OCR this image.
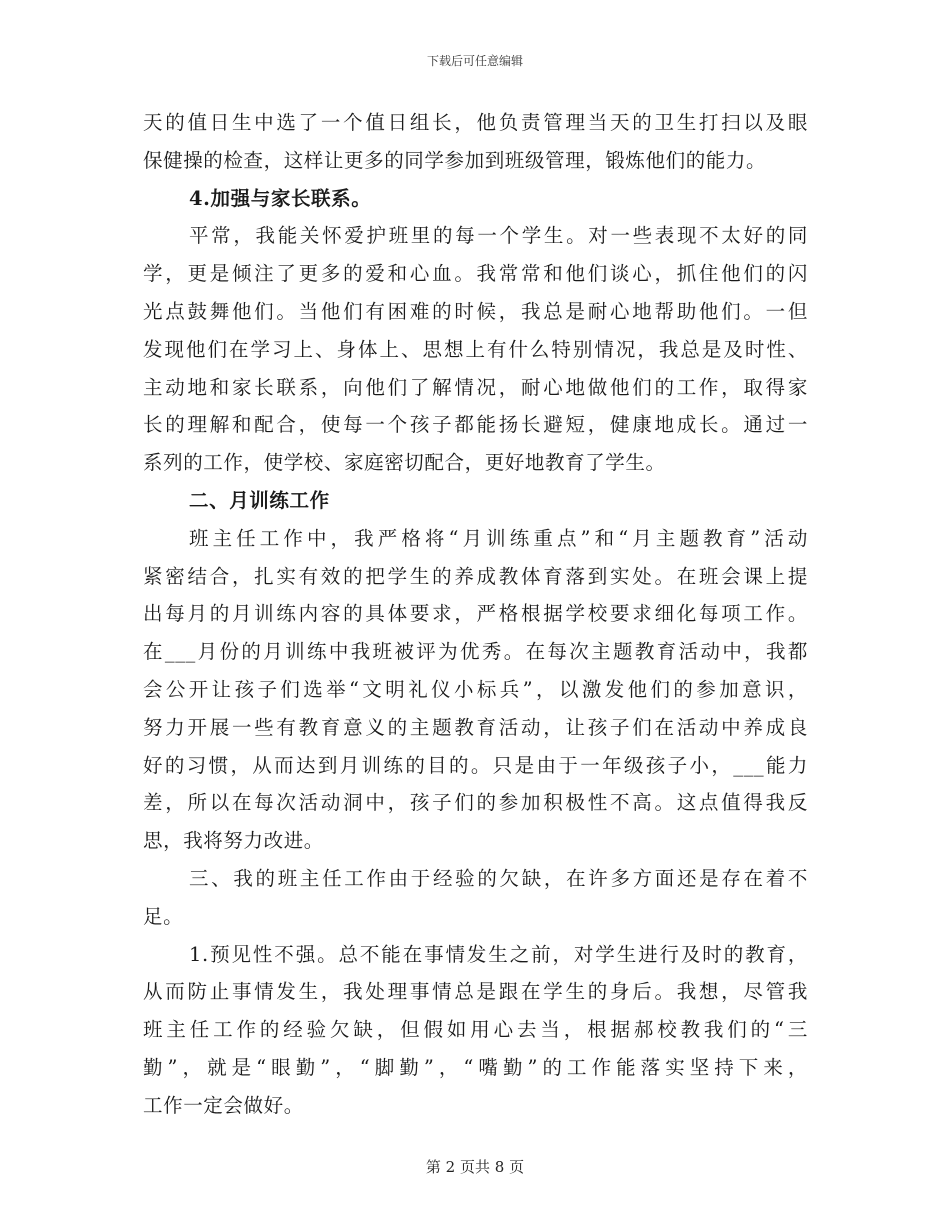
下载后可任意编辑
天的值日生中选了一个值日组长，他负责管理当天的卫生打扫以及眼
保健操的检查，这样让更多的同学参加到班级管理，锻炼他们的能力。
4.加强与家长联系。
平常，我能关怀爱护班里的每一个学生。对一些表现不太好的同
学，更是倾注了更多的爱和心血。我常常和他们谈心，抓住他们的闪
光点鼓舞他们。当他们有困难的时候，我总是耐心地帮助他们。一但
发现他们在学习上、身体上、思想上有什么特别情况，我总是及时性、
主动地和家长联系，向他们了解情况，耐心地做他们的工作，取得家
长的理解和配合，使每一个孩子都能扬长避短，健康地成长。通过一
系列的工作，使学校、家庭密切配合，更好地教育了学生。
二、月训练工作
班主任工作中，我严格将“月训练重点”和“月主题教育”活动
紧密结合，扎实有效的把学生的养成教体育落到实处。在班会课上提
出每月的月训练内容的具体要求，严格根据学校要求细化每项工作。
在___月份的月训练中我班被评为优秀。在每次主题教育活动中，我都
会公开让孩子们选举“文明礼仪小标兵”，以激发他们的参加意识，
努力开展一些有教育意义的主题教育活动，让孩子们在活动中养成良
好的习惯，从而达到月训练的目的。只是由于一年级孩子小，___能力
差，所以在每次活动洞中，孩子们的参加积极性不高。这点值得我反
思，我将努力改进。
三、我的班主任工作由于经验的欠缺，在许多方面还是存在着不
足。
1.预见性不强。总不能在事情发生之前，对学生进行及时的教育，
从而防止事情发生，我处理事情总是跟在学生的身后。我想，尽管我
班主任工作的经验欠缺，但假如用心去当，根据郝校教我们的“三
勤”，就是“眼勤”，“脚勤”，“嘴勤”的工作能落实坚持下来，
工作一定会做好。
第 2 页共 8 页
